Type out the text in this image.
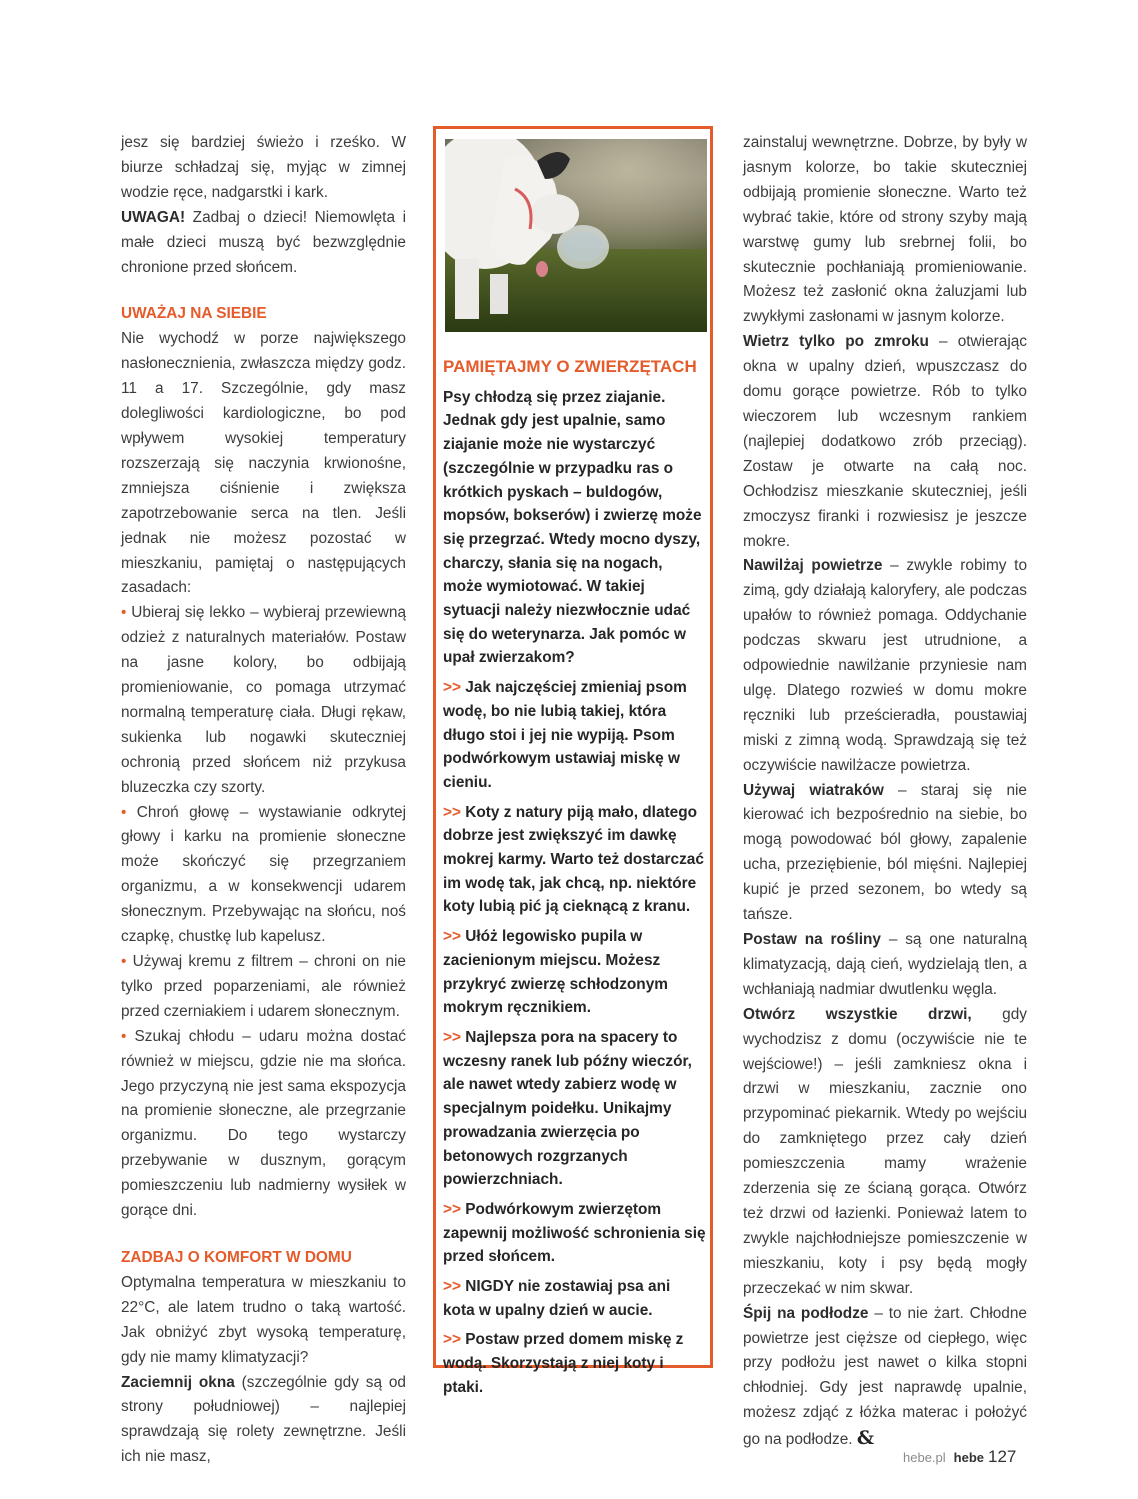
jesz się bardziej świeżo i rześko. W biurze schładzaj się, myjąc w zimnej wodzie ręce, nadgarstki i kark.
UWAGA! Zadbaj o dzieci! Niemowlęta i małe dzieci muszą być bezwzględnie chronione przed słońcem.

UWAŻAJ NA SIEBIE

Nie wychodź w porze największego nasłonecznienia, zwłaszcza między godz. 11 a 17. Szczególnie, gdy masz dolegliwości kardiologiczne, bo pod wpływem wysokiej temperatury rozszerzają się naczynia krwionośne, zmniejsza ciśnienie i zwiększa zapotrzebowanie serca na tlen. Jeśli jednak nie możesz pozostać w mieszkaniu, pamiętaj o następujących zasadach:

• Ubieraj się lekko – wybieraj przewiewną odzież z naturalnych materiałów. Postaw na jasne kolory, bo odbijają promieniowanie, co pomaga utrzymać normalną temperaturę ciała. Długi rękaw, sukienka lub nogawki skuteczniej ochronią przed słońcem niż przykusa bluzeczka czy szorty.

• Chroń głowę – wystawianie odkrytej głowy i karku na promienie słoneczne może skończyć się przegrzaniem organizmu, a w konsekwencji udarem słonecznym. Przebywając na słońcu, noś czapkę, chustkę lub kapelusz.

• Używaj kremu z filtrem – chroni on nie tylko przed poparzeniami, ale również przed czerniakiem i udarem słonecznym.

• Szukaj chłodu – udaru można dostać również w miejscu, gdzie nie ma słońca. Jego przyczyną nie jest sama ekspozycja na promienie słoneczne, ale przegrzanie organizmu. Do tego wystarczy przebywanie w dusznym, gorącym pomieszczeniu lub nadmierny wysiłek w gorące dni.

ZADBAJ O KOMFORT W DOMU

Optymalna temperatura w mieszkaniu to 22°C, ale latem trudno o taką wartość. Jak obniżyć zbyt wysoką temperaturę, gdy nie mamy klimatyzacji?

Zaciemnij okna (szczególnie gdy są od strony południowej) – najlepiej sprawdzają się rolety zewnętrzne. Jeśli ich nie masz,

PAMIĘTAJMY O ZWIERZĘTACH

Psy chłodzą się przez ziajanie. Jednak gdy jest upalnie, samo ziajanie może nie wystarczyć (szczególnie w przypadku ras o krótkich pyskach – buldogów, mopsów, bokserów) i zwierzę może się przegrzać. Wtedy mocno dyszy, charczy, słania się na nogach, może wymiotować. W takiej sytuacji należy niezwłocznie udać się do weterynarza. Jak pomóc w upał zwierzakom?

>> Jak najczęściej zmieniaj psom wodę, bo nie lubią takiej, która długo stoi i jej nie wypiją. Psom podwórkowym ustawiaj miskę w cieniu.

>> Koty z natury piją mało, dlatego dobrze jest zwiększyć im dawkę mokrej karmy. Warto też dostarczać im wodę tak, jak chcą, np. niektóre koty lubią pić ją cieknącą z kranu.

>> Ułóż legowisko pupila w zacienionym miejscu. Możesz przykryć zwierzę schłodzonym mokrym ręcznikiem.

>> Najlepsza pora na spacery to wczesny ranek lub późny wieczór, ale nawet wtedy zabierz wodę w specjalnym poidełku. Unikajmy prowadzania zwierzęcia po betonowych rozgrzanych powierzchniach.

>> Podwórkowym zwierzętom zapewnij możliwość schronienia się przed słońcem.

>> NIGDY nie zostawiaj psa ani kota w upalny dzień w aucie.

>> Postaw przed domem miskę z wodą. Skorzystają z niej koty i ptaki.

zainstaluj wewnętrzne. Dobrze, by były w jasnym kolorze, bo takie skuteczniej odbijają promienie słoneczne. Warto też wybrać takie, które od strony szyby mają warstwę gumy lub srebrnej folii, bo skutecznie pochłaniają promieniowanie. Możesz też zasłonić okna żaluzjami lub zwykłymi zasłonami w jasnym kolorze.

Wietrz tylko po zmroku – otwierając okna w upalny dzień, wpuszczasz do domu gorące powietrze. Rób to tylko wieczorem lub wczesnym rankiem (najlepiej dodatkowo zrób przeciąg). Zostaw je otwarte na całą noc. Ochłodzisz mieszkanie skuteczniej, jeśli zmoczysz firanki i rozwiesisz je jeszcze mokre.

Nawilżaj powietrze – zwykle robimy to zimą, gdy działają kaloryfery, ale podczas upałów to również pomaga. Oddychanie podczas skwaru jest utrudnione, a odpowiednie nawilżanie przyniesie nam ulgę. Dlatego rozwieś w domu mokre ręczniki lub prześcieradła, poustawiaj miski z zimną wodą. Sprawdzają się też oczywiście nawilżacze powietrza.

Używaj wiatraków – staraj się nie kierować ich bezpośrednio na siebie, bo mogą powodować ból głowy, zapalenie ucha, przeziębienie, ból mięśni. Najlepiej kupić je przed sezonem, bo wtedy są tańsze.

Postaw na rośliny – są one naturalną klimatyzacją, dają cień, wydzielają tlen, a wchłaniają nadmiar dwutlenku węgla.

Otwórz wszystkie drzwi, gdy wychodzisz z domu (oczywiście nie te wejściowe!) – jeśli zamkniesz okna i drzwi w mieszkaniu, zacznie ono przypominać piekarnik. Wtedy po wejściu do zamkniętego przez cały dzień pomieszczenia mamy wrażenie zderzenia się ze ścianą gorąca. Otwórz też drzwi od łazienki. Ponieważ latem to zwykle najchłodniejsze pomieszczenie w mieszkaniu, koty i psy będą mogły przeczekać w nim skwar.

Śpij na podłodze – to nie żart. Chłodne powietrze jest cięższe od ciepłego, więc przy podłożu jest nawet o kilka stopni chłodniej. Gdy jest naprawdę upalnie, możesz zdjąć z łóżka materac i położyć go na podłodze. &

hebe.pl hebe 127
